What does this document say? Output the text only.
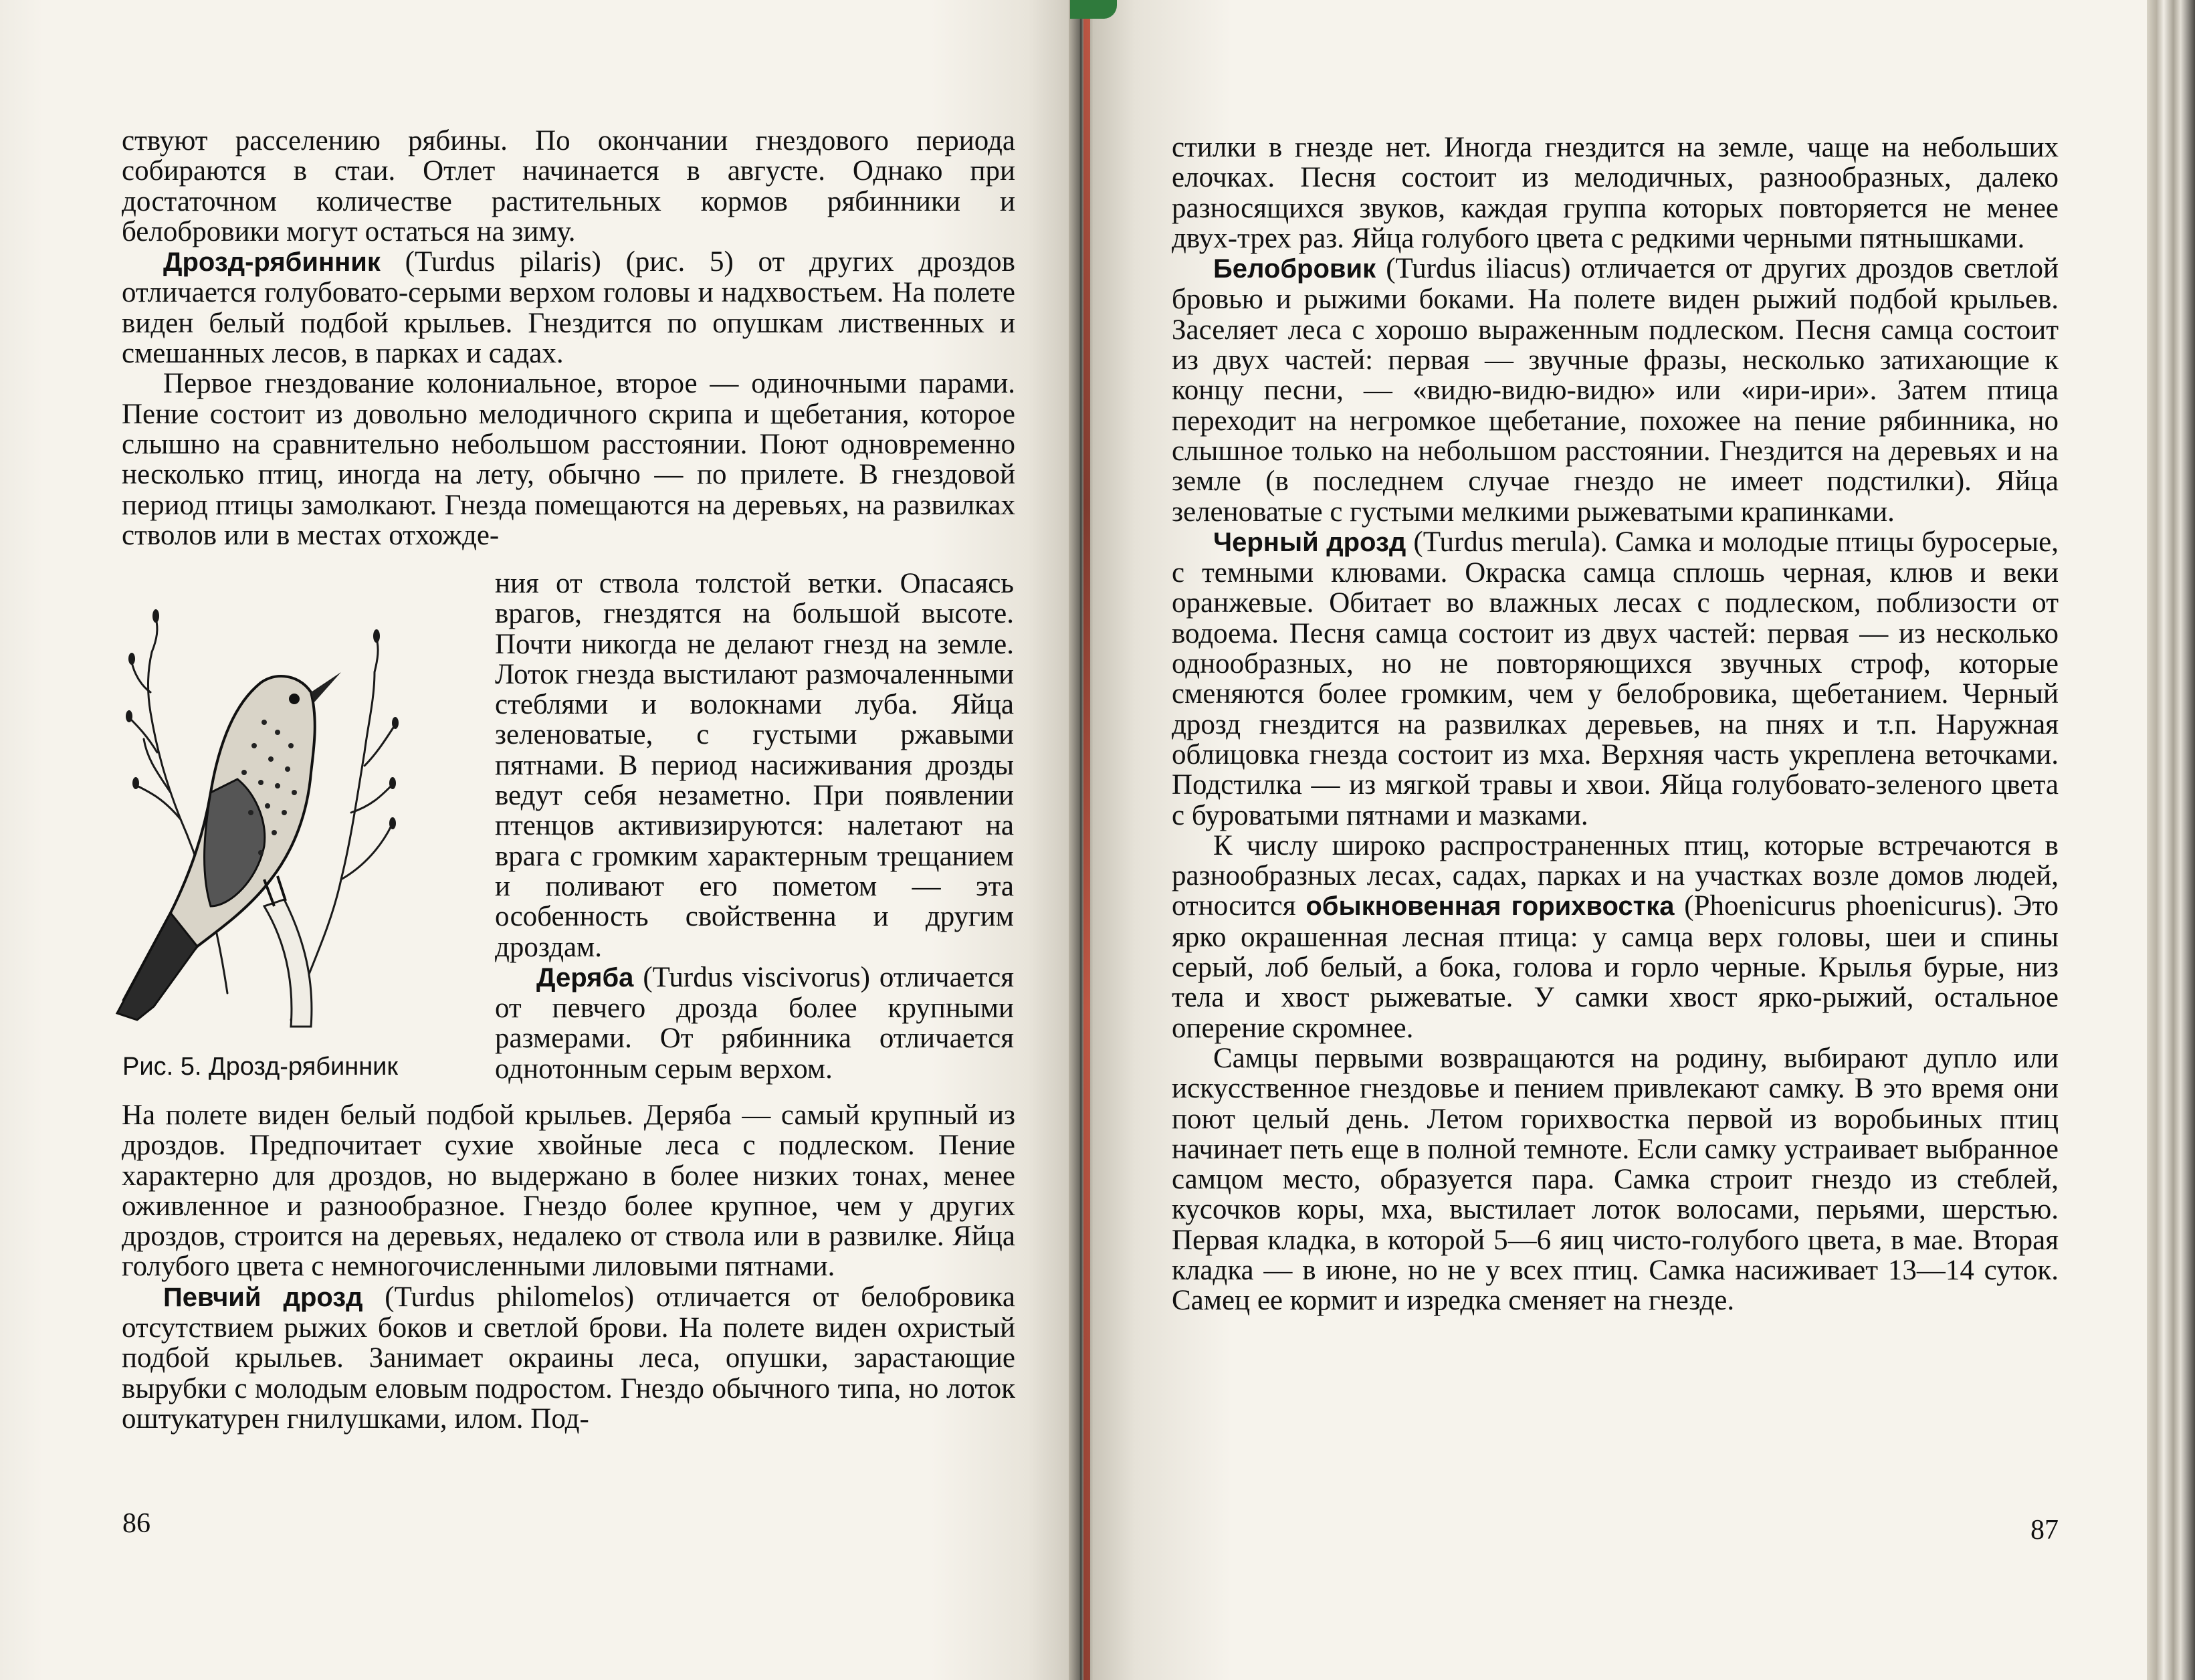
ствуют расселению рябины. По окончании гнездового периода собираются в стаи. Отлет начинается в августе. Однако при достаточном количестве растительных кормов рябинники и белобровики могут остаться на зиму.

Дрозд-рябинник (Turdus pilaris) (рис. 5) от других дроздов отличается голубовато-серыми верхом головы и надхвостьем. На полете виден белый подбой крыльев. Гнездится по опушкам лиственных и смешанных лесов, в парках и садах.

Первое гнездование колониальное, второе — одиночными парами. Пение состоит из довольно мелодичного скрипа и щебетания, которое слышно на сравнительно небольшом расстоянии. Поют одновременно несколько птиц, иногда на лету, обычно — по прилете. В гнездовой период птицы замолкают. Гнезда помещаются на деревьях, на развилках стволов или в местах отхожде-

ния от ствола толстой ветки. Опасаясь врагов, гнездятся на большой высоте. Почти никогда не делают гнезд на земле. Лоток гнезда выстилают размочаленными стеблями и волокнами луба. Яйца зеленоватые, с густыми ржавыми пятнами. В период насиживания дрозды ведут себя незаметно. При появлении птенцов активизируются: налетают на врага с громким характерным трещанием и поливают его пометом — эта особенность свойственна и другим дроздам.

Деряба (Turdus viscivorus) отличается от певчего дрозда более крупными размерами. От рябинника отличается однотонным серым верхом.

Рис. 5. Дрозд-рябинник

На полете виден белый подбой крыльев. Деряба — самый крупный из дроздов. Предпочитает сухие хвойные леса с подлеском. Пение характерно для дроздов, но выдержано в более низких тонах, менее оживленное и разнообразное. Гнездо более крупное, чем у других дроздов, строится на деревьях, недалеко от ствола или в развилке. Яйца голубого цвета с немногочисленными лиловыми пятнами.

Певчий дрозд (Turdus philomelos) отличается от белобровика отсутствием рыжих боков и светлой брови. На полете виден охристый подбой крыльев. Занимает окраины леса, опушки, зарастающие вырубки с молодым еловым подростом. Гнездо обычного типа, но лоток оштукатурен гнилушками, илом. Под-

86

стилки в гнезде нет. Иногда гнездится на земле, чаще на небольших елочках. Песня состоит из мелодичных, разнообразных, далеко разносящихся звуков, каждая группа которых повторяется не менее двух-трех раз. Яйца голубого цвета с редкими черными пятнышками.

Белобровик (Turdus iliacus) отличается от других дроздов светлой бровью и рыжими боками. На полете виден рыжий подбой крыльев. Заселяет леса с хорошо выраженным подлеском. Песня самца состоит из двух частей: первая — звучные фразы, несколько затихающие к концу песни, — «видю-видю-видю» или «ири-ири». Затем птица переходит на негромкое щебетание, похожее на пение рябинника, но слышное только на небольшом расстоянии. Гнездится на деревьях и на земле (в последнем случае гнездо не имеет подстилки). Яйца зеленоватые с густыми мелкими рыжеватыми крапинками.

Черный дрозд (Turdus merula). Самка и молодые птицы буросерые, с темными клювами. Окраска самца сплошь черная, клюв и веки оранжевые. Обитает во влажных лесах с подлеском, поблизости от водоема. Песня самца состоит из двух частей: первая — из несколько однообразных, но не повторяющихся звучных строф, которые сменяются более громким, чем у белобровика, щебетанием. Черный дрозд гнездится на развилках деревьев, на пнях и т.п. Наружная облицовка гнезда состоит из мха. Верхняя часть укреплена веточками. Подстилка — из мягкой травы и хвои. Яйца голубовато-зеленого цвета с буроватыми пятнами и мазками.

К числу широко распространенных птиц, которые встречаются в разнообразных лесах, садах, парках и на участках возле домов людей, относится обыкновенная горихвостка (Phoenicurus phoenicurus). Это ярко окрашенная лесная птица: у самца верх головы, шеи и спины серый, лоб белый, а бока, голова и горло черные. Крылья бурые, низ тела и хвост рыжеватые. У самки хвост ярко-рыжий, остальное оперение скромнее.

Самцы первыми возвращаются на родину, выбирают дупло или искусственное гнездовье и пением привлекают самку. В это время они поют целый день. Летом горихвостка первой из воробьиных птиц начинает петь еще в полной темноте. Если самку устраивает выбранное самцом место, образуется пара. Самка строит гнездо из стеблей, кусочков коры, мха, выстилает лоток волосами, перьями, шерстью. Первая кладка, в которой 5—6 яиц чисто-голубого цвета, в мае. Вторая кладка — в июне, но не у всех птиц. Самка насиживает 13—14 суток. Самец ее кормит и изредка сменяет на гнезде.

87
